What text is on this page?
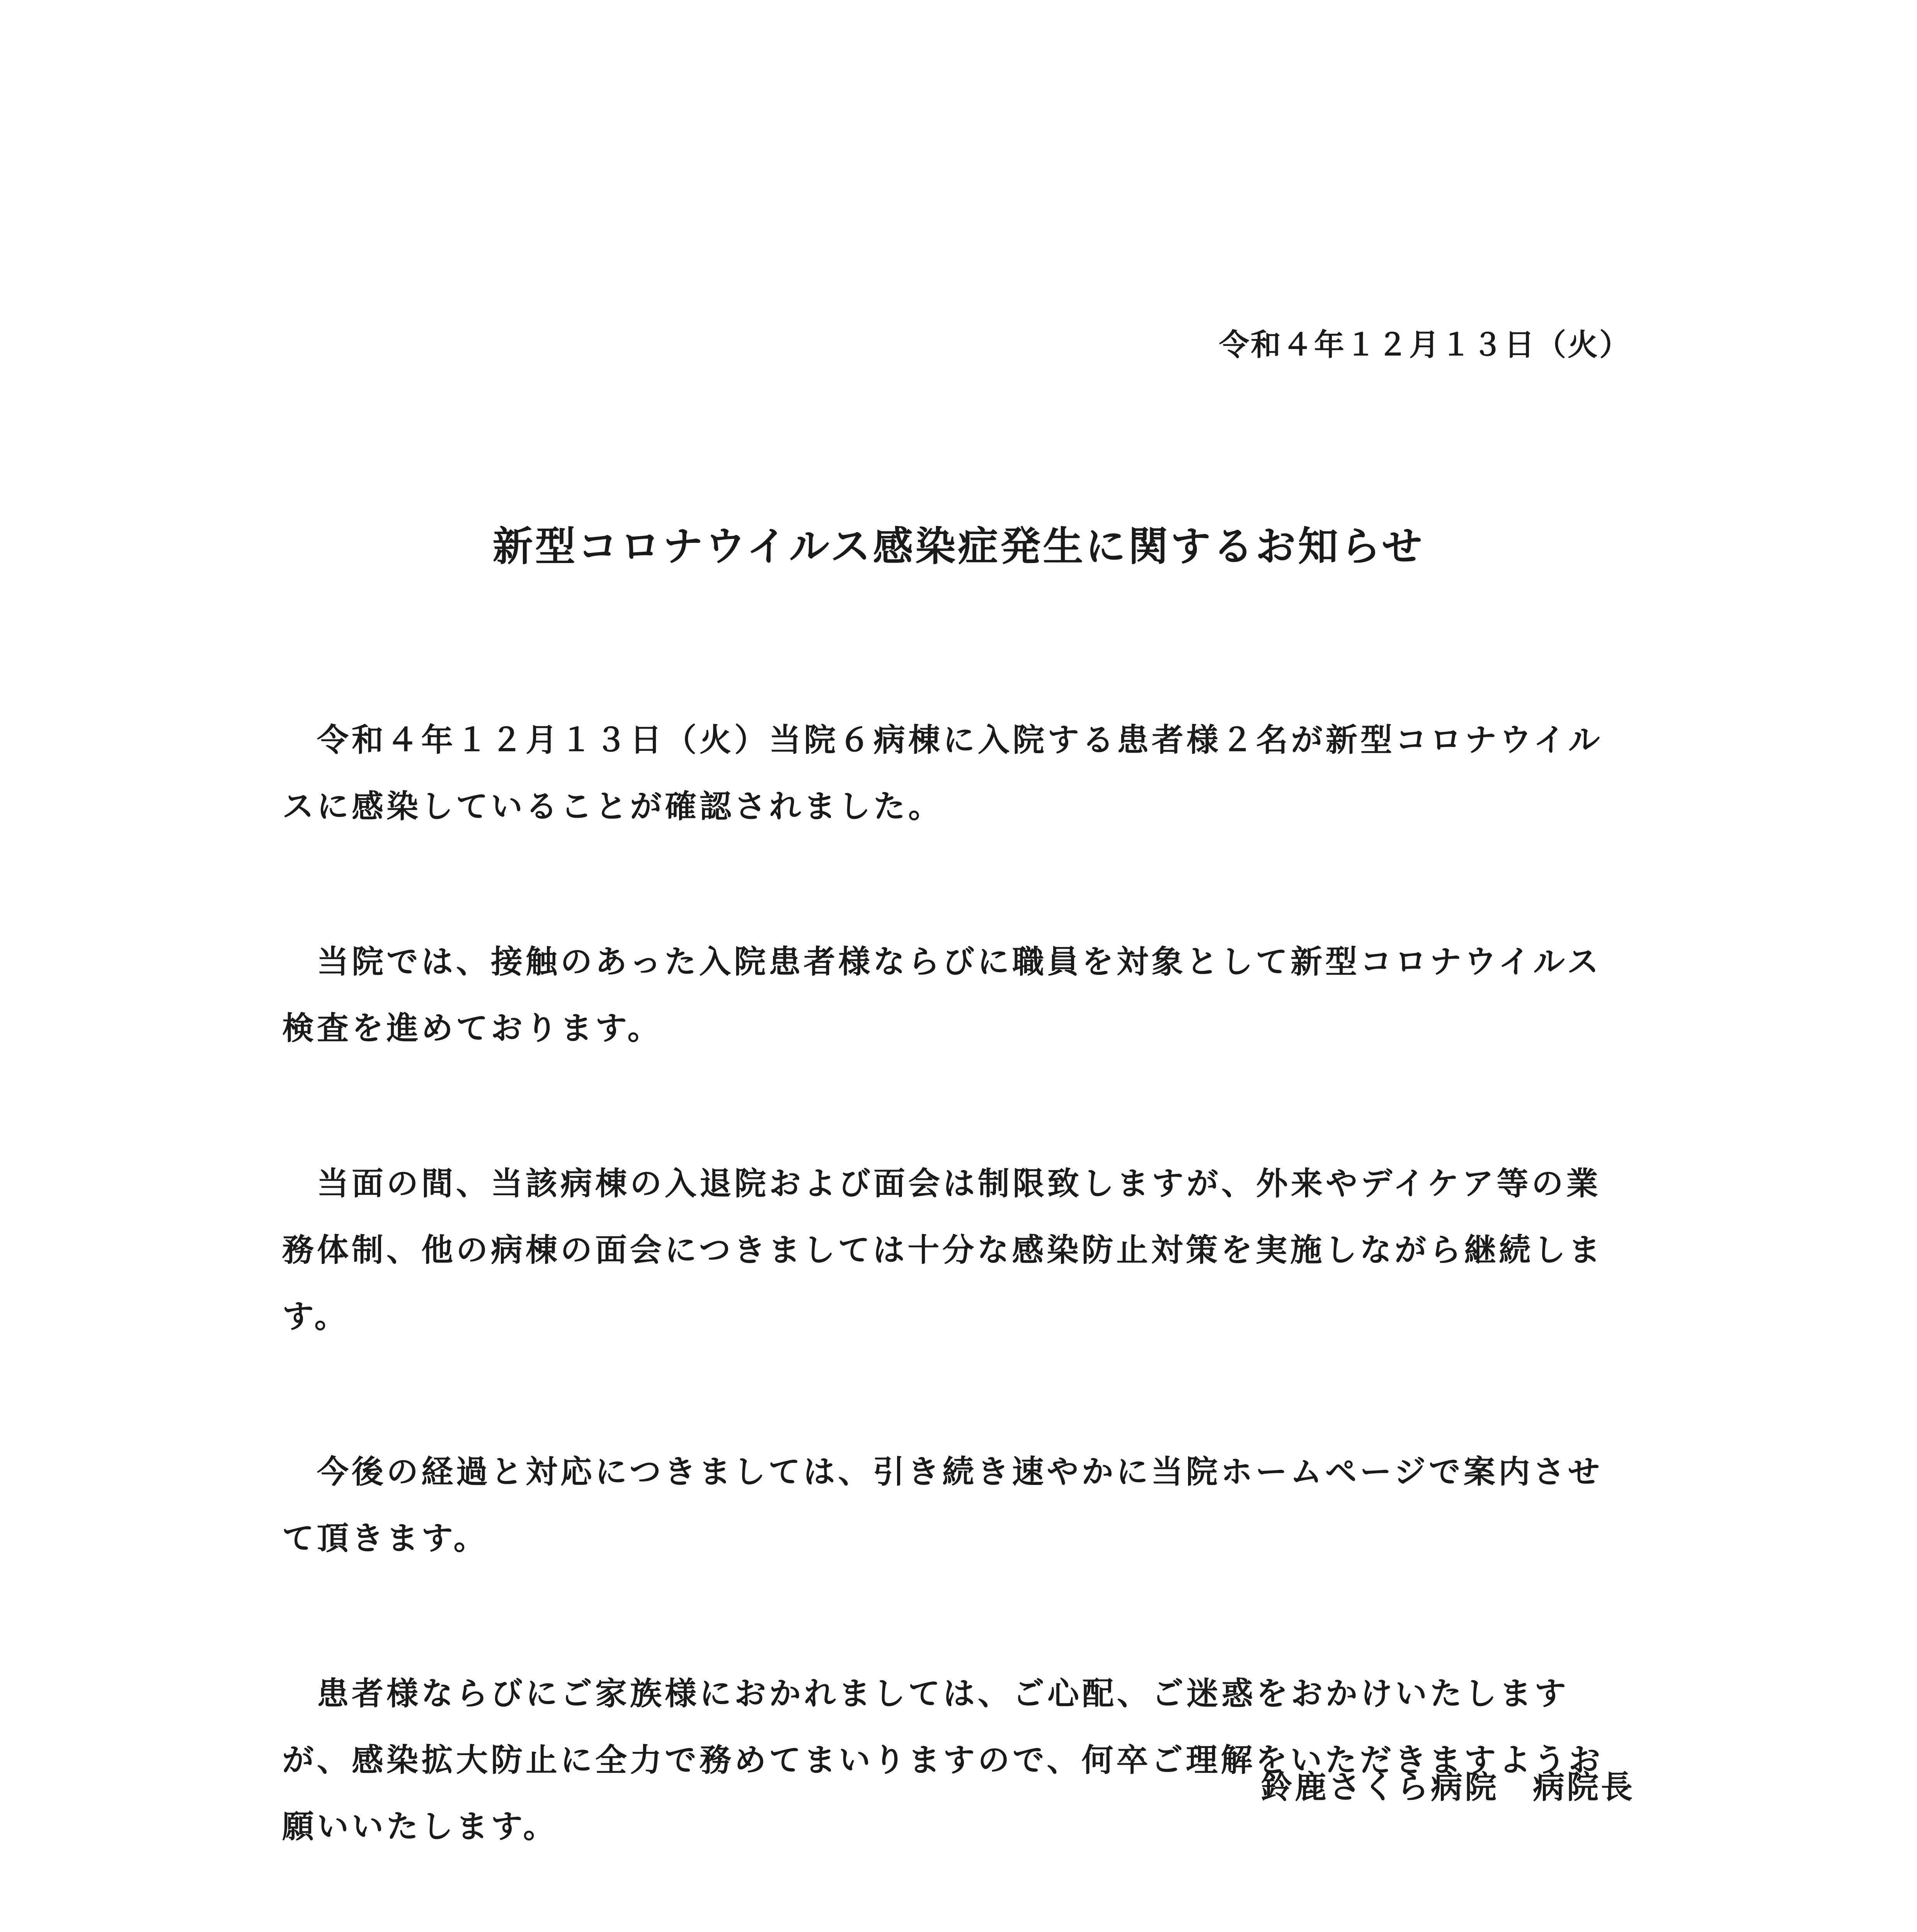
令和４年１２月１３日（火）
新型コロナウイルス感染症発生に関するお知らせ

令和４年１２月１３日（火）当院６病棟に入院する患者様２名が新型コロナウイルスに感染していることが確認されました。

当院では、接触のあった入院患者様ならびに職員を対象として新型コロナウイルス検査を進めております。

当面の間、当該病棟の入退院および面会は制限致しますが、外来やデイケア等の業務体制、他の病棟の面会につきましては十分な感染防止対策を実施しながら継続します。

今後の経過と対応につきましては、引き続き速やかに当院ホームページで案内させて頂きます。

患者様ならびにご家族様におかれましては、ご心配、ご迷惑をおかけいたしますが、感染拡大防止に全力で務めてまいりますので、何卒ご理解をいただきますようお願いいたします。

鈴鹿さくら病院　病院長
